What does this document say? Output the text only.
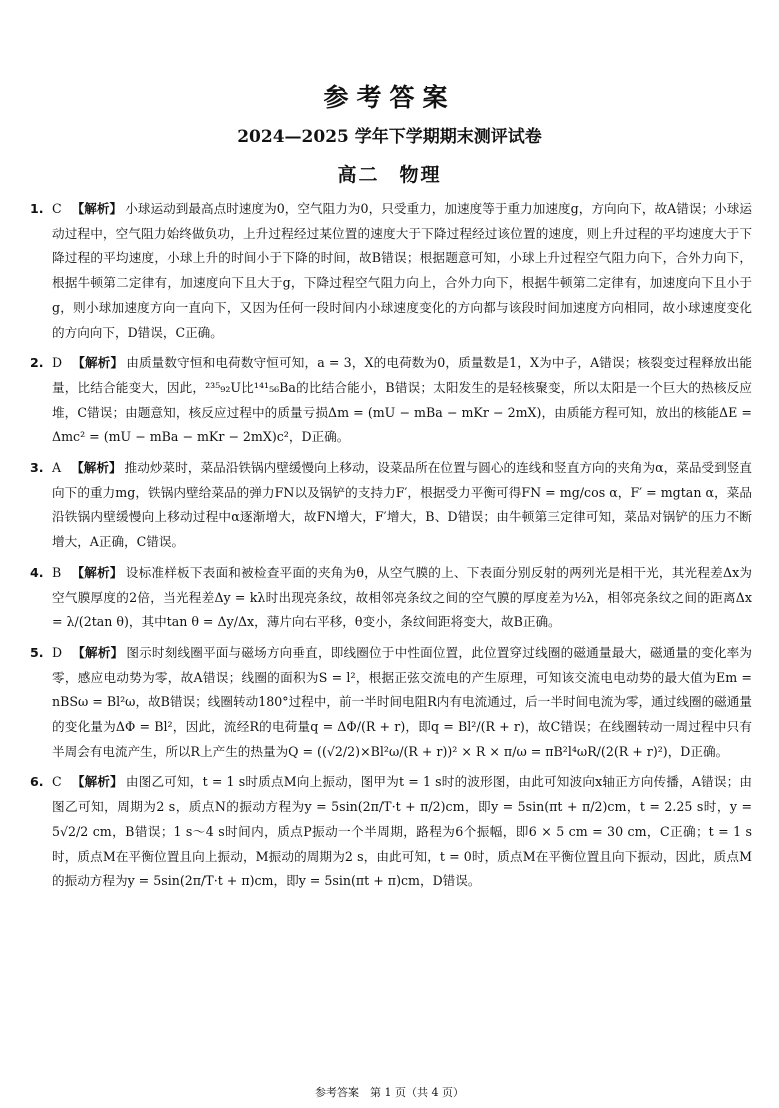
参考答案
2024—2025 学年下学期期末测评试卷
高二 物理
1. C 【解析】 小球运动到最高点时速度为0，空气阻力为0，只受重力，加速度等于重力加速度g，方向向下，故A错误；小球运动过程中，空气阻力始终做负功，上升过程经过某位置的速度大于下降过程经过该位置的速度，则上升过程的平均速度大于下降过程的平均速度，小球上升的时间小于下降的时间，故B错误；根据题意可知，小球上升过程空气阻力向下，合外力向下，根据牛顿第二定律有，加速度向下且大于g，下降过程空气阻力向上，合外力向下，根据牛顿第二定律有，加速度向下且小于g，则小球加速度方向一直向下，又因为任何一段时间内小球速度变化的方向都与该段时间加速度方向相同，故小球速度变化的方向向下，D错误，C正确。
2. D 【解析】 由质量数守恒和电荷数守恒可知，a = 3，X的电荷数为0，质量数是1，X为中子，A错误；核裂变过程释放出能量，比结合能变大，因此，²³⁵₉₂U比¹⁴¹₅₆Ba的比结合能小，B错误；太阳发生的是轻核聚变，所以太阳是一个巨大的热核反应堆，C错误；由题意知，核反应过程中的质量亏损Δm = (mU − mBa − mKr − 2mX)，由质能方程可知，放出的核能ΔE = Δmc² = (mU − mBa − mKr − 2mX)c²，D正确。
3. A 【解析】 推动炒菜时，菜品沿铁锅内壁缓慢向上移动，设菜品所在位置与圆心的连线和竖直方向的夹角为α，菜品受到竖直向下的重力mg，铁锅内壁给菜品的弹力FN以及锅铲的支持力F′，根据受力平衡可得FN = mg/cos α，F′ = mgtan α，菜品沿铁锅内壁缓慢向上移动过程中α逐渐增大，故FN增大，F′增大，B、D错误；由牛顿第三定律可知，菜品对锅铲的压力不断增大，A正确，C错误。
4. B 【解析】 设标准样板下表面和被检查平面的夹角为θ，从空气膜的上、下表面分别反射的两列光是相干光，其光程差Δx为空气膜厚度的2倍，当光程差Δy = kλ时出现亮条纹，故相邻亮条纹之间的空气膜的厚度差为½λ，相邻亮条纹之间的距离Δx = λ/(2tan θ)，其中tan θ = Δy/Δx，薄片向右平移，θ变小，条纹间距将变大，故B正确。
5. D 【解析】 图示时刻线圈平面与磁场方向垂直，即线圈位于中性面位置，此位置穿过线圈的磁通量最大，磁通量的变化率为零，感应电动势为零，故A错误；线圈的面积为S = l²，根据正弦交流电的产生原理，可知该交流电电动势的最大值为Em = nBSω = Bl²ω，故B错误；线圈转动180°过程中，前一半时间电阻R内有电流通过，后一半时间电流为零，通过线圈的磁通量的变化量为ΔΦ = Bl²，因此，流经R的电荷量q = ΔΦ/(R + r)，即q = Bl²/(R + r)，故C错误；在线圈转动一周过程中只有半周会有电流产生，所以R上产生的热量为Q = ((√2/2)×Bl²ω/(R + r))² × R × π/ω = πB²l⁴ωR/(2(R + r)²)，D正确。
6. C 【解析】 由图乙可知，t = 1 s时质点M向上振动，图甲为t = 1 s时的波形图，由此可知波向x轴正方向传播，A错误；由图乙可知，周期为2 s，质点N的振动方程为y = 5sin(2π/T·t + π/2)cm，即y = 5sin(πt + π/2)cm，t = 2.25 s时，y = 5√2/2 cm，B错误；1 s～4 s时间内，质点P振动一个半周期，路程为6个振幅，即6 × 5 cm = 30 cm，C正确；t = 1 s时，质点M在平衡位置且向上振动，M振动的周期为2 s，由此可知，t = 0时，质点M在平衡位置且向下振动，因此，质点M的振动方程为y = 5sin(2π/T·t + π)cm，即y = 5sin(πt + π)cm，D错误。
参考答案　第 1 页（共 4 页）
